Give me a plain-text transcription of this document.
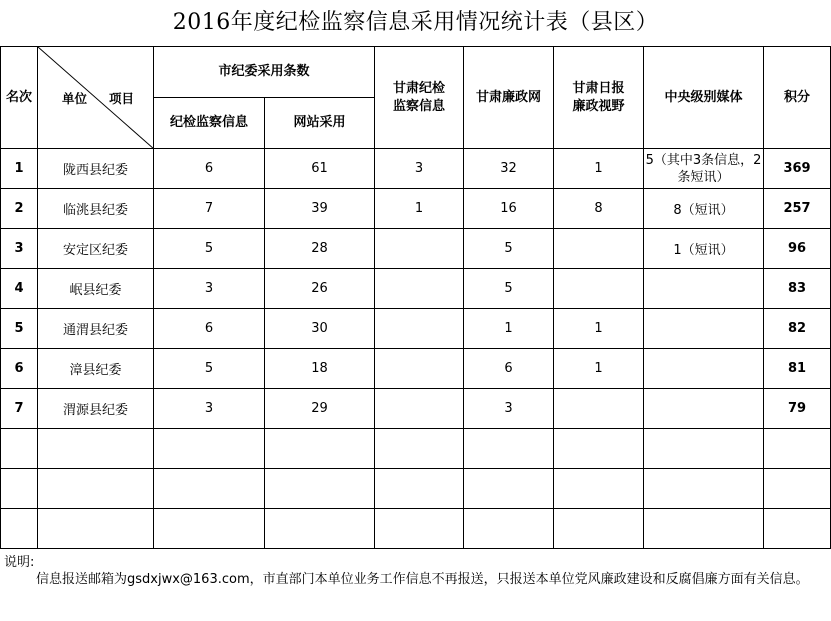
2016年度纪检监察信息采用情况统计表（县区）
名次	单位 项目	市纪委采用条数		甘肃纪检监察信息	甘肃廉政网	甘肃日报廉政视野	中央级别媒体	积分
		纪检监察信息	网站采用					
1	陇西县纪委	6	61	3	32	1	5（其中3条信息，2条短讯）	369
2	临洮县纪委	7	39	1	16	8	8（短讯）	257
3	安定区纪委	5	28		5		1（短讯）	96
4	岷县纪委	3	26		5			83
5	通渭县纪委	6	30		1	1		82
6	漳县纪委	5	18		6	1		81
7	渭源县纪委	3	29		3			79

说明:
信息报送邮箱为gsdxjwx@163.com，市直部门本单位业务工作信息不再报送，只报送本单位党风廉政建设和反腐倡廉方面有关信息。
